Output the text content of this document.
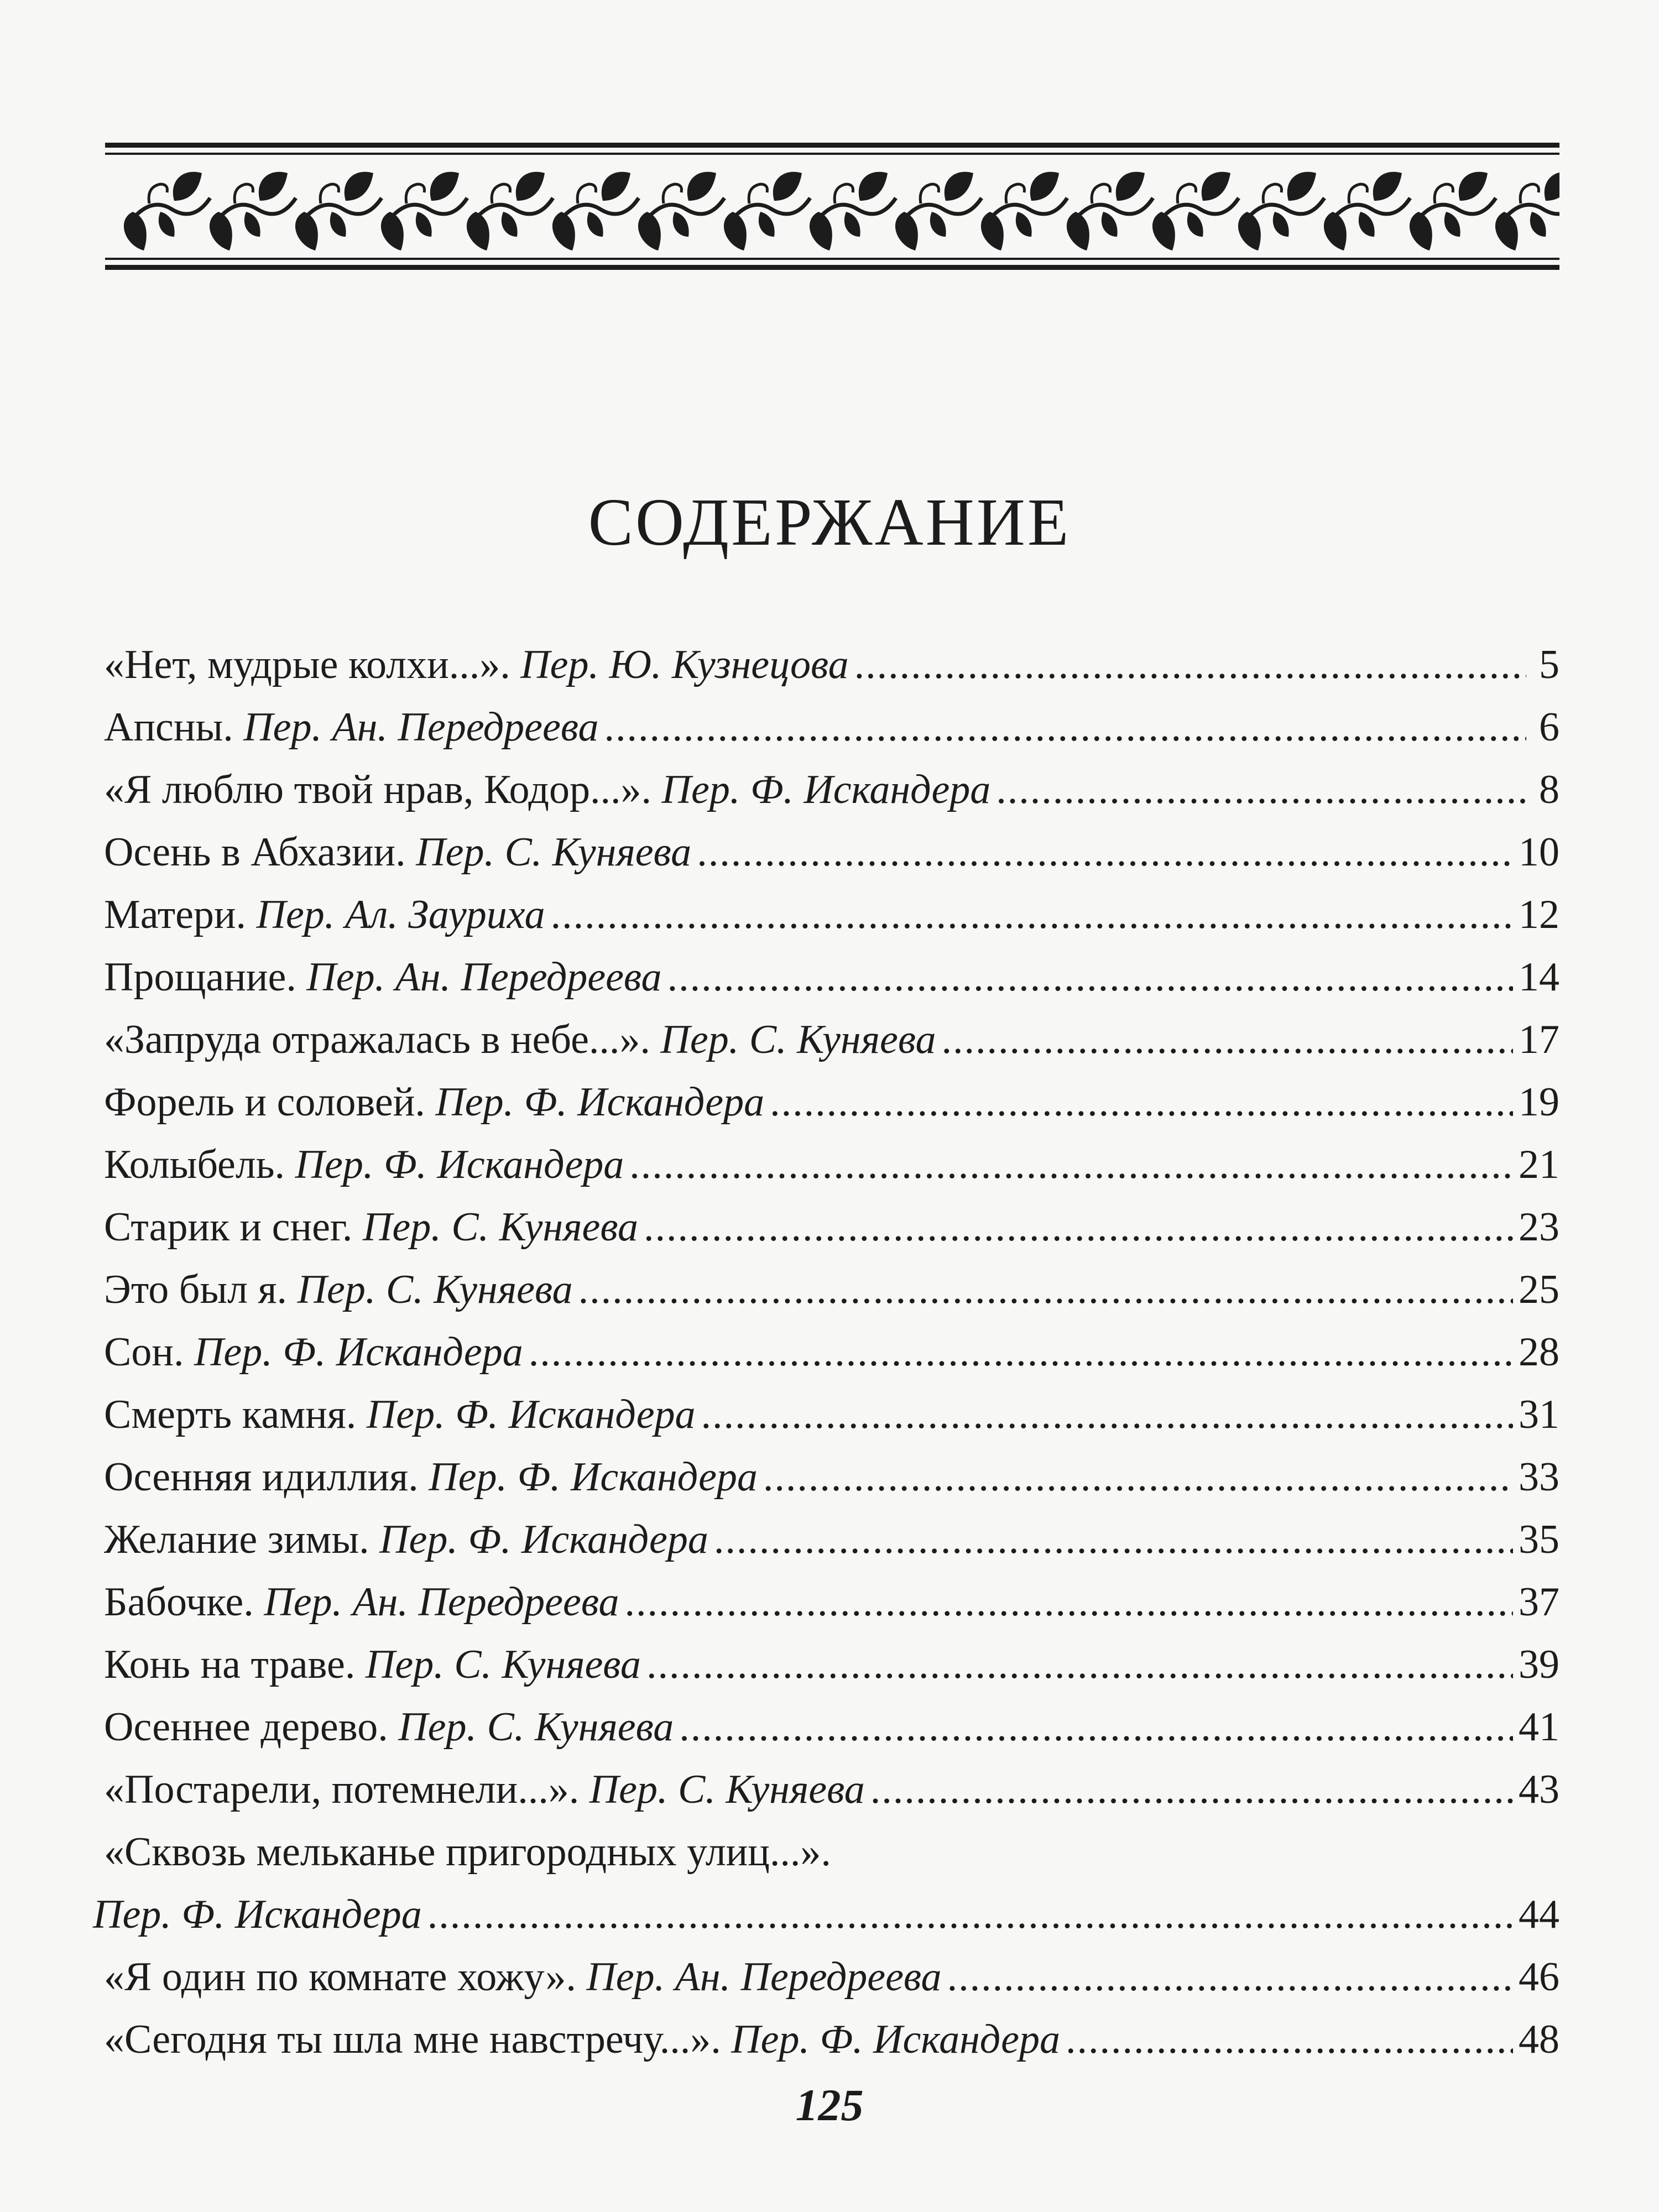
СОДЕРЖАНИЕ
«Нет, мудрые колхи...». Пер. Ю. Кузнецова .....	5
Апсны. Пер. Ан. Передреева .....	6
«Я люблю твой нрав, Кодор...». Пер. Ф. Искандера .....	8
Осень в Абхазии. Пер. С. Куняева .....	10
Матери. Пер. Ал. Зауриха .....	12
Прощание. Пер. Ан. Передреева .....	14
«Запруда отражалась в небе...». Пер. С. Куняева .....	17
Форель и соловей. Пер. Ф. Искандера .....	19
Колыбель. Пер. Ф. Искандера .....	21
Старик и снег. Пер. С. Куняева .....	23
Это был я. Пер. С. Куняева .....	25
Сон. Пер. Ф. Искандера .....	28
Смерть камня. Пер. Ф. Искандера .....	31
Осенняя идиллия. Пер. Ф. Искандера .....	33
Желание зимы. Пер. Ф. Искандера .....	35
Бабочке. Пер. Ан. Передреева .....	37
Конь на траве. Пер. С. Куняева .....	39
Осеннее дерево. Пер. С. Куняева .....	41
«Постарели, потемнели...». Пер. С. Куняева .....	43
«Сквозь мельканье пригородных улиц...».
Пер. Ф. Искандера .....	44
«Я один по комнате хожу». Пер. Ан. Передреева .....	46
«Сегодня ты шла мне навстречу...». Пер. Ф. Искандера .....	48
125
